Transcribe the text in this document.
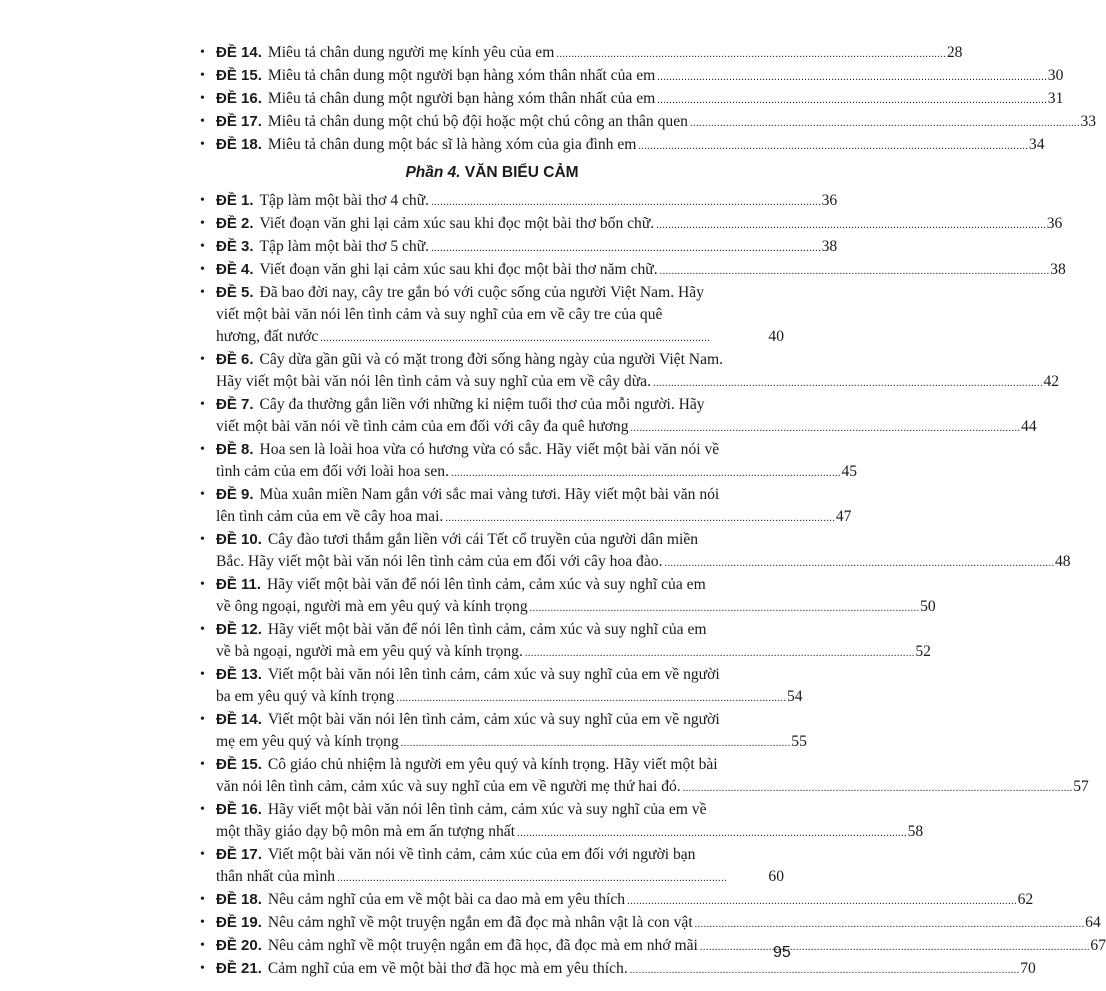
• ĐỀ 14. Miêu tả chân dung người mẹ kính yêu của em . . .	28
• ĐỀ 15. Miêu tả chân dung một người bạn hàng xóm thân nhất của em . . .	30
• ĐỀ 16. Miêu tả chân dung một người bạn hàng xóm thân nhất của em . . .	31
• ĐỀ 17. Miêu tả chân dung một chú bộ đội hoặc một chú công an thân quen . . .	33
• ĐỀ 18. Miêu tả chân dung một bác sĩ là hàng xóm của gia đình em . . .	34
Phần 4. VĂN BIỂU CẢM
• ĐỀ 1. Tập làm một bài thơ 4 chữ. . . .	36
• ĐỀ 2. Viết đoạn văn ghi lại cảm xúc sau khi đọc một bài thơ bốn chữ. . . .	36
• ĐỀ 3. Tập làm một bài thơ 5 chữ. . . .	38
• ĐỀ 4. Viết đoạn văn ghi lại cảm xúc sau khi đọc một bài thơ năm chữ. . . .	38
• ĐỀ 5. Đã bao đời nay, cây tre gắn bó với cuộc sống của người Việt Nam. Hãy
viết một bài văn nói lên tình cảm và suy nghĩ của em về cây tre của quê
hương, đất nước . . .	40
• ĐỀ 6. Cây dừa gần gũi và có mặt trong đời sống hàng ngày của người Việt Nam.
Hãy viết một bài văn nói lên tình cảm và suy nghĩ của em về cây dừa. . . .	42
• ĐỀ 7. Cây đa thường gắn liền với những kỉ niệm tuổi thơ của mỗi người. Hãy
viết một bài văn nói về tình cảm của em đối với cây đa quê hương . . .	44
• ĐỀ 8. Hoa sen là loài hoa vừa có hương vừa có sắc. Hãy viết một bài văn nói về
tình cảm của em đối với loài hoa sen. . . .	45
• ĐỀ 9. Mùa xuân miền Nam gắn với sắc mai vàng tươi. Hãy viết một bài văn nói
lên tình cảm của em về cây hoa mai. . . .	47
• ĐỀ 10. Cây đào tươi thắm gắn liền với cái Tết cổ truyền của người dân miền
Bắc. Hãy viết một bài văn nói lên tình cảm của em đối với cây hoa đào. . . .	48
• ĐỀ 11. Hãy viết một bài văn để nói lên tình cảm, cảm xúc và suy nghĩ của em
về ông ngoại, người mà em yêu quý và kính trọng . . .	50
• ĐỀ 12. Hãy viết một bài văn để nói lên tình cảm, cảm xúc và suy nghĩ của em
về bà ngoại, người mà em yêu quý và kính trọng. . . .	52
• ĐỀ 13. Viết một bài văn nói lên tình cảm, cảm xúc và suy nghĩ của em về người
ba em yêu quý và kính trọng . . .	54
• ĐỀ 14. Viết một bài văn nói lên tình cảm, cảm xúc và suy nghĩ của em về người
mẹ em yêu quý và kính trọng . . .	55
• ĐỀ 15. Cô giáo chủ nhiệm là người em yêu quý và kính trọng. Hãy viết một bài
văn nói lên tình cảm, cảm xúc và suy nghĩ của em về người mẹ thứ hai đó. . . .	57
• ĐỀ 16. Hãy viết một bài văn nói lên tình cảm, cảm xúc và suy nghĩ của em về
một thầy giáo dạy bộ môn mà em ấn tượng nhất . . .	58
• ĐỀ 17. Viết một bài văn nói về tình cảm, cảm xúc của em đối với người bạn
thân nhất của mình . . .	60
• ĐỀ 18. Nêu cảm nghĩ của em về một bài ca dao mà em yêu thích . . .	62
• ĐỀ 19. Nêu cảm nghĩ về một truyện ngắn em đã đọc mà nhân vật là con vật . . .	64
• ĐỀ 20. Nêu cảm nghĩ về một truyện ngắn em đã học, đã đọc mà em nhớ mãi . . .	67
• ĐỀ 21. Cảm nghĩ của em về một bài thơ đã học mà em yêu thích. . . .	70
95
